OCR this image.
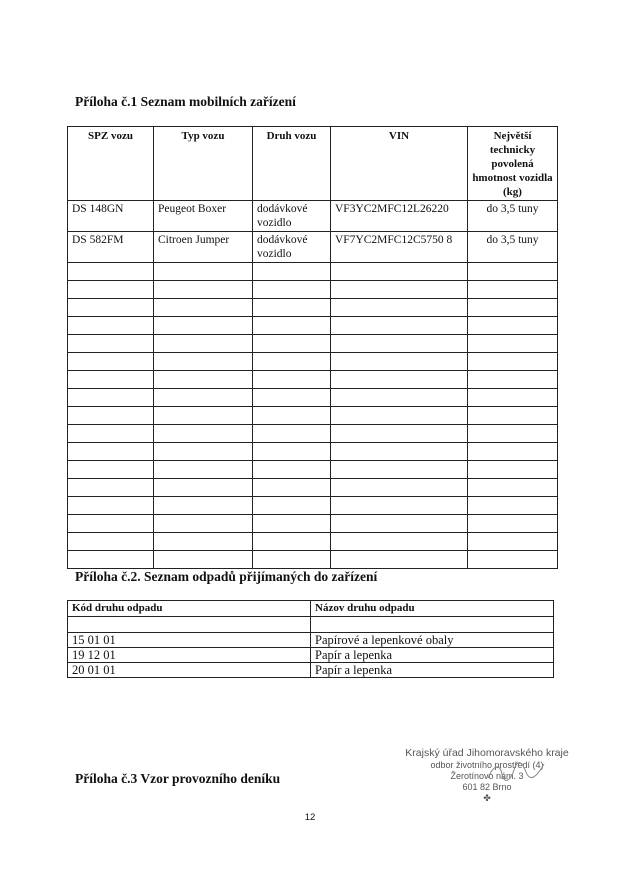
Příloha č.1 Seznam mobilních zařízení
SPZ vozu	Typ vozu	Druh vozu	VIN	Největší technicky povolená hmotnost vozidla (kg)
DS 148GN	Peugeot Boxer	dodávkové vozidlo	VF3YC2MFC12L26220	do 3,5 tuny
DS 582FM	Citroen Jumper	dodávkové vozidlo	VF7YC2MFC12C5750 8	do 3,5 tuny

Příloha č.2. Seznam odpadů přijímaných do zařízení
Kód druhu odpadu	Názov druhu odpadu

15 01 01	Papírové a lepenkové obaly
19 12 01	Papír a lepenka
20 01 01	Papír a lepenka
Příloha č.3 Vzor provozního deníku
Krajský úřad Jihomoravského kraje
odbor životního prostředí (4)
Žerotínovo nám. 3
601 82 Brno
✤
12
